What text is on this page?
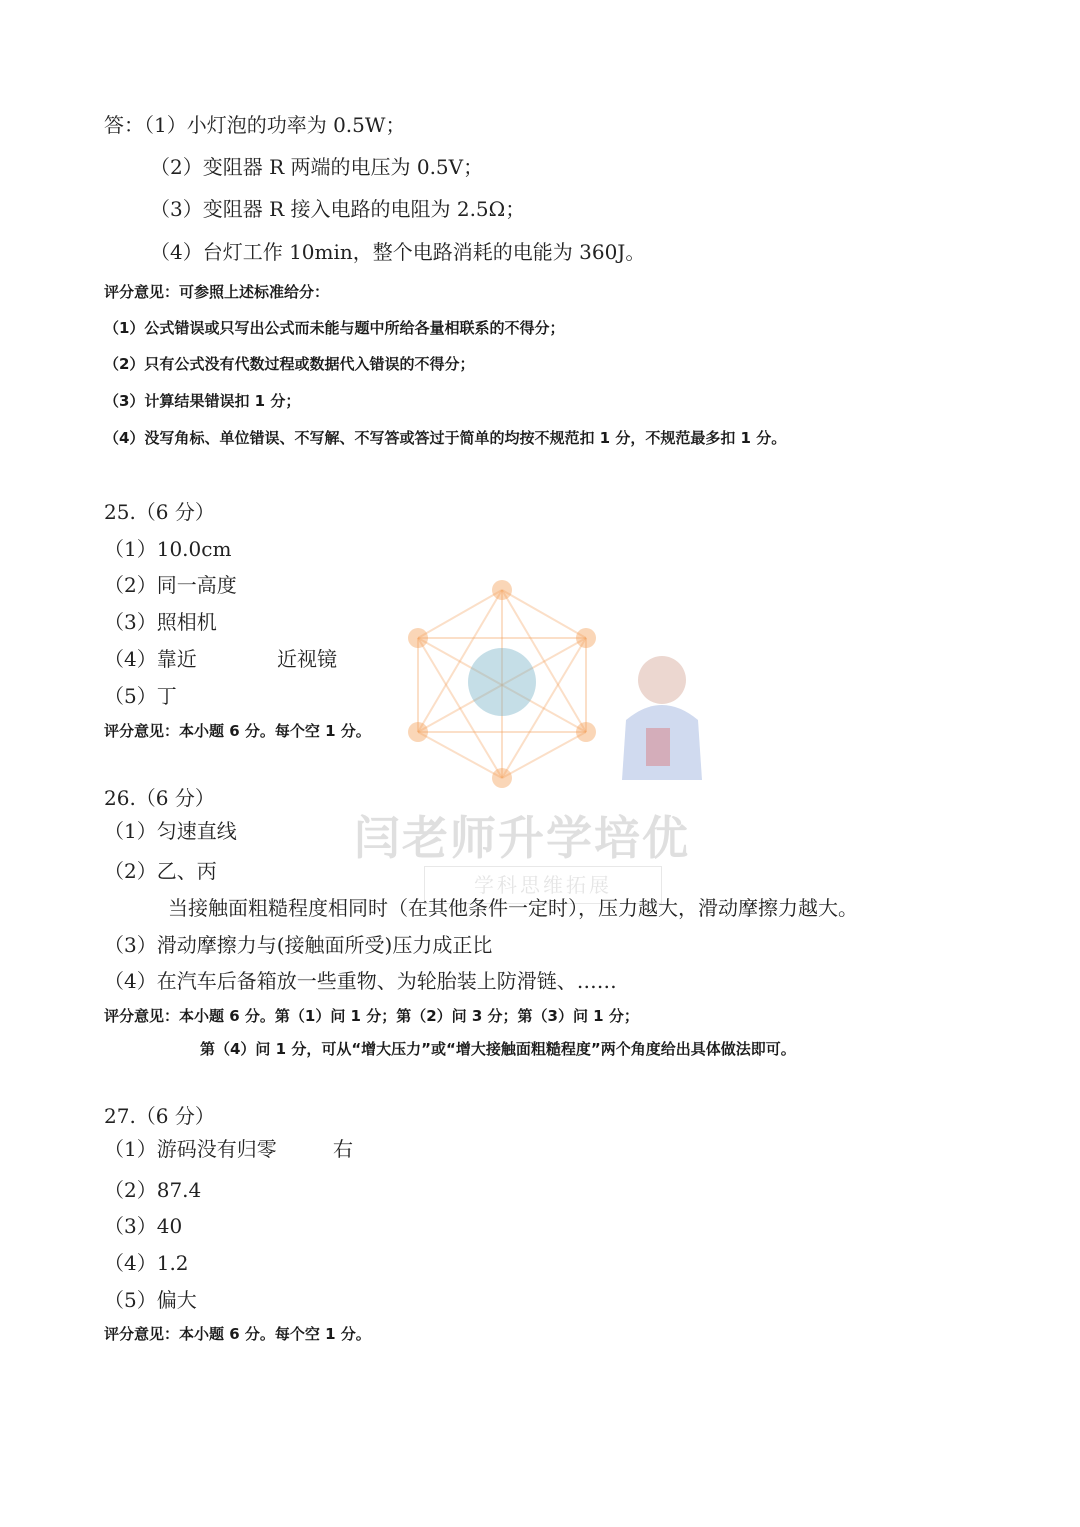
答：（1）小灯泡的功率为 0.5W；
（2）变阻器 R 两端的电压为 0.5V；
（3）变阻器 R 接入电路的电阻为 2.5Ω；
（4）台灯工作 10min，整个电路消耗的电能为 360J。
评分意见：可参照上述标准给分：
（1）公式错误或只写出公式而未能与题中所给各量相联系的不得分；
（2）只有公式没有代数过程或数据代入错误的不得分；
（3）计算结果错误扣 1 分；
（4）没写角标、单位错误、不写解、不写答或答过于简单的均按不规范扣 1 分，不规范最多扣 1 分。
闫老师升学培优
学科思维拓展
25.（6 分）
（1）10.0cm
（2）同一高度
（3）照相机
（4）靠近	近视镜
（5）丁
评分意见：本小题 6 分。每个空 1 分。
26.（6 分）
（1）匀速直线
（2）乙、丙
当接触面粗糙程度相同时（在其他条件一定时），压力越大，滑动摩擦力越大。
（3）滑动摩擦力与(接触面所受)压力成正比
（4）在汽车后备箱放一些重物、为轮胎装上防滑链、……
评分意见：本小题 6 分。第（1）问 1 分；第（2）问 3 分；第（3）问 1 分；
第（4）问 1 分，可从“增大压力”或“增大接触面粗糙程度”两个角度给出具体做法即可。
27.（6 分）
（1）游码没有归零	右
（2）87.4
（3）40
（4）1.2
（5）偏大
评分意见：本小题 6 分。每个空 1 分。
